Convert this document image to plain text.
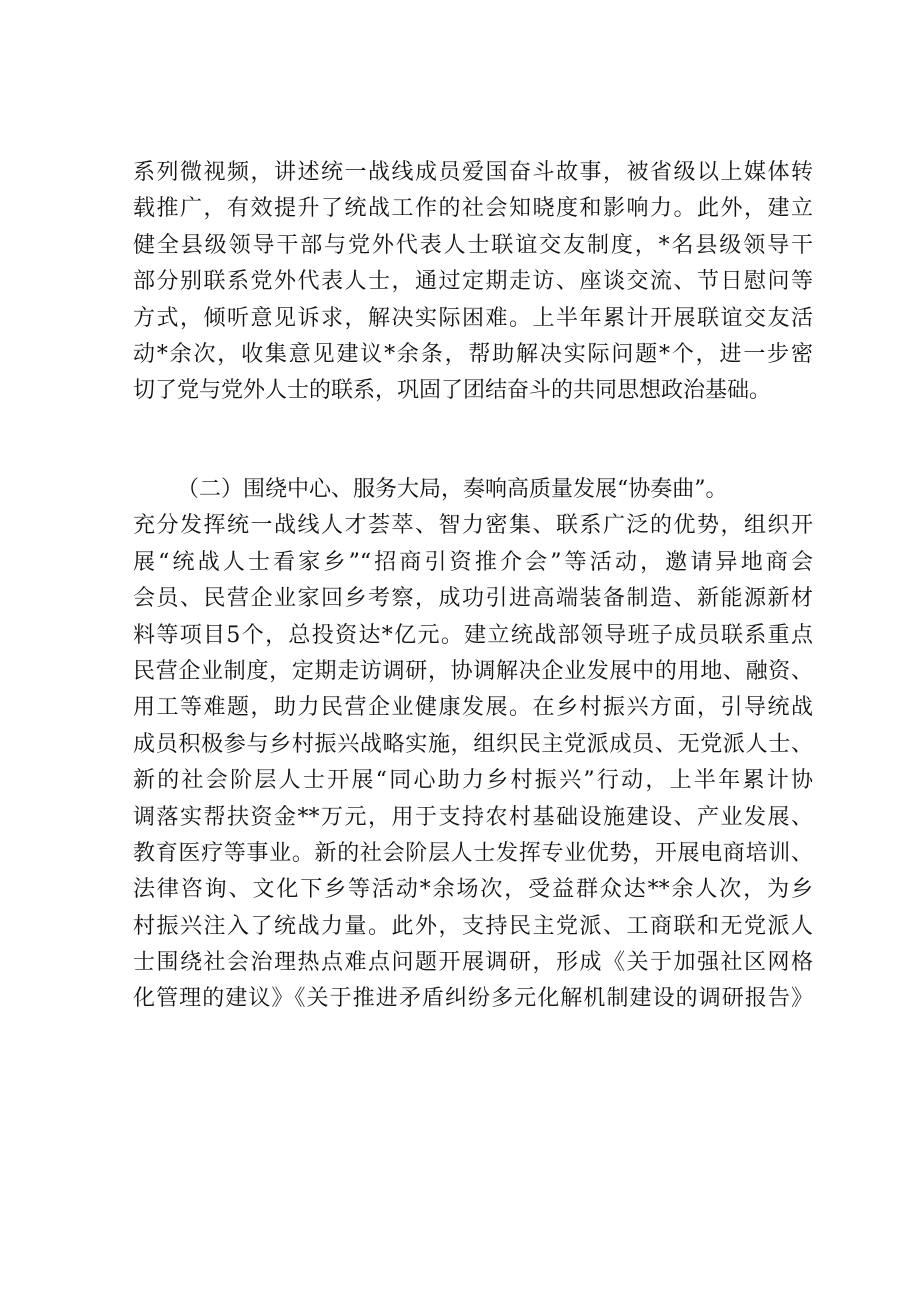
系列微视频，讲述统一战线成员爱国奋斗故事，被省级以上媒体转
载推广，有效提升了统战工作的社会知晓度和影响力。此外，建立
健全县级领导干部与党外代表人士联谊交友制度，*名县级领导干
部分别联系党外代表人士，通过定期走访、座谈交流、节日慰问等
方式，倾听意见诉求，解决实际困难。上半年累计开展联谊交友活
动*余次，收集意见建议*余条，帮助解决实际问题*个，进一步密
切了党与党外人士的联系，巩固了团结奋斗的共同思想政治基础。
（二）围绕中心、服务大局，奏响高质量发展“协奏曲”。
充分发挥统一战线人才荟萃、智力密集、联系广泛的优势，组织开
展“统战人士看家乡”“招商引资推介会”等活动，邀请异地商会
会员、民营企业家回乡考察，成功引进高端装备制造、新能源新材
料等项目5个，总投资达*亿元。建立统战部领导班子成员联系重点
民营企业制度，定期走访调研，协调解决企业发展中的用地、融资、
用工等难题，助力民营企业健康发展。在乡村振兴方面，引导统战
成员积极参与乡村振兴战略实施，组织民主党派成员、无党派人士、
新的社会阶层人士开展“同心助力乡村振兴”行动，上半年累计协
调落实帮扶资金**万元，用于支持农村基础设施建设、产业发展、
教育医疗等事业。新的社会阶层人士发挥专业优势，开展电商培训、
法律咨询、文化下乡等活动*余场次，受益群众达**余人次，为乡
村振兴注入了统战力量。此外，支持民主党派、工商联和无党派人
士围绕社会治理热点难点问题开展调研，形成《关于加强社区网格
化管理的建议》《关于推进矛盾纠纷多元化解机制建设的调研报告》
